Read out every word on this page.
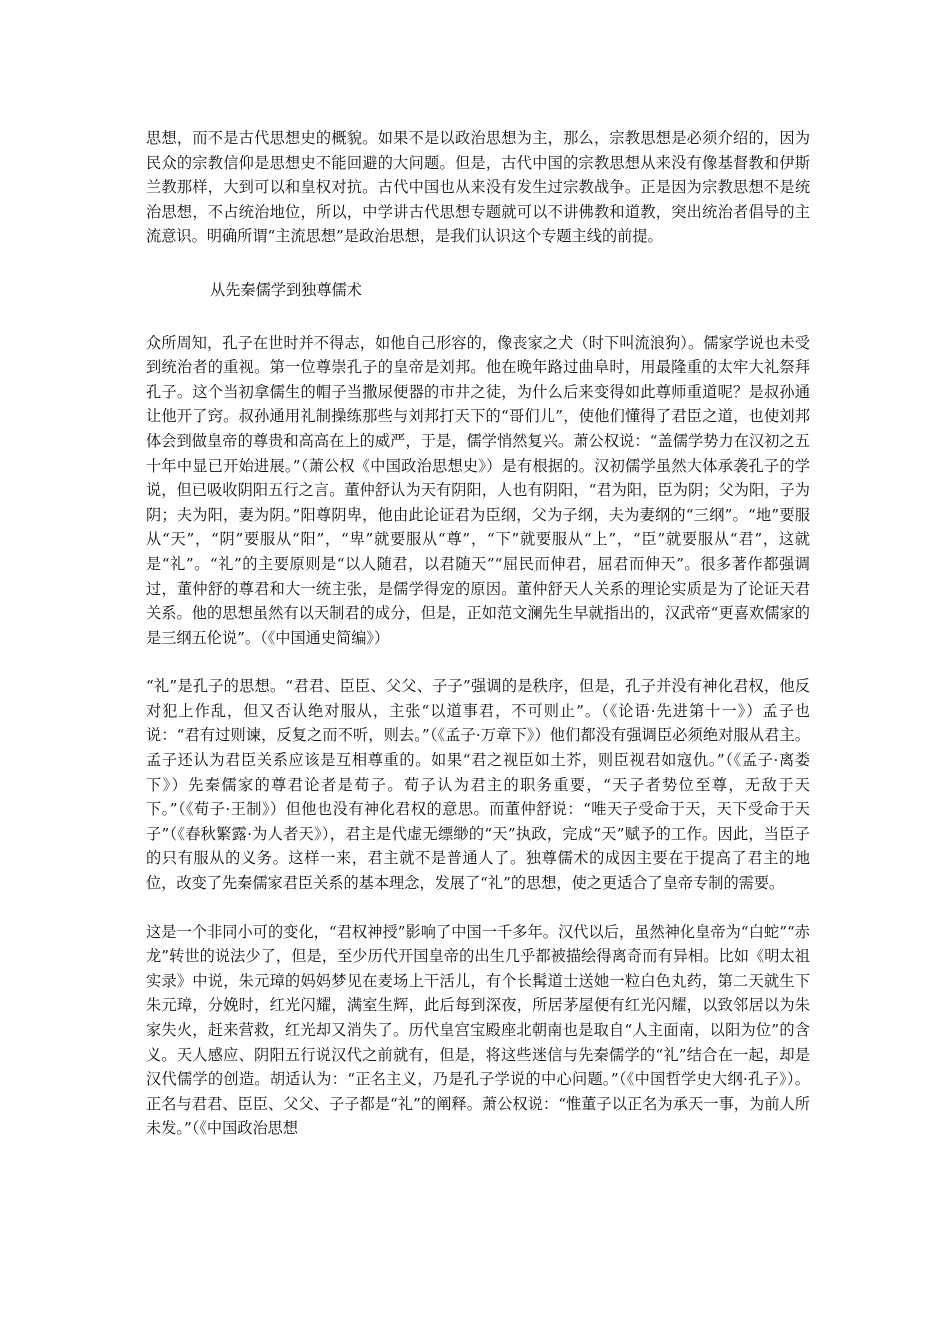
思想，而不是古代思想史的概貌。如果不是以政治思想为主，那么，宗教思想是必须介绍的，因为民众的宗教信仰是思想史不能回避的大问题。但是，古代中国的宗教思想从来没有像基督教和伊斯兰教那样，大到可以和皇权对抗。古代中国也从来没有发生过宗教战争。正是因为宗教思想不是统治思想，不占统治地位，所以，中学讲古代思想专题就可以不讲佛教和道教，突出统治者倡导的主流意识。明确所谓“主流思想”是政治思想，是我们认识这个专题主线的前提。

从先秦儒学到独尊儒术

众所周知，孔子在世时并不得志，如他自己形容的，像丧家之犬（时下叫流浪狗）。儒家学说也未受到统治者的重视。第一位尊崇孔子的皇帝是刘邦。他在晚年路过曲阜时，用最隆重的太牢大礼祭拜孔子。这个当初拿儒生的帽子当撒尿便器的市井之徒，为什么后来变得如此尊师重道呢？是叔孙通让他开了窍。叔孙通用礼制操练那些与刘邦打天下的“哥们儿”，使他们懂得了君臣之道，也使刘邦体会到做皇帝的尊贵和高高在上的威严，于是，儒学悄然复兴。萧公权说：“盖儒学势力在汉初之五十年中显已开始进展。”（萧公权《中国政治思想史》）是有根据的。汉初儒学虽然大体承袭孔子的学说，但已吸收阴阳五行之言。董仲舒认为天有阴阳，人也有阴阳，“君为阳，臣为阴；父为阳，子为阴；夫为阳，妻为阴。”阳尊阴卑，他由此论证君为臣纲，父为子纲，夫为妻纲的“三纲”。“地”要服从“天”，“阴”要服从“阳”，“卑”就要服从“尊”，“下”就要服从“上”，“臣”就要服从“君”，这就是“礼”。“礼”的主要原则是“以人随君，以君随天”“屈民而伸君，屈君而伸天”。很多著作都强调过，董仲舒的尊君和大一统主张，是儒学得宠的原因。董仲舒天人关系的理论实质是为了论证天君关系。他的思想虽然有以天制君的成分，但是，正如范文澜先生早就指出的，汉武帝“更喜欢儒家的是三纲五伦说”。（《中国通史简编》）

“礼”是孔子的思想。“君君、臣臣、父父、子子”强调的是秩序，但是，孔子并没有神化君权，他反对犯上作乱，但又否认绝对服从，主张“以道事君，不可则止”。（《论语·先进第十一》）孟子也说：“君有过则谏，反复之而不听，则去。”（《孟子·万章下》）他们都没有强调臣必须绝对服从君主。孟子还认为君臣关系应该是互相尊重的。如果“君之视臣如土芥，则臣视君如寇仇。”（《孟子·离娄下》）先秦儒家的尊君论者是荀子。荀子认为君主的职务重要，“天子者势位至尊，无敌于天下。”（《荀子·王制》）但他也没有神化君权的意思。而董仲舒说：“唯天子受命于天，天下受命于天子”（《春秋繁露·为人者天》），君主是代虚无缥缈的“天”执政，完成“天”赋予的工作。因此，当臣子的只有服从的义务。这样一来，君主就不是普通人了。独尊儒术的成因主要在于提高了君主的地位，改变了先秦儒家君臣关系的基本理念，发展了“礼”的思想，使之更适合了皇帝专制的需要。

这是一个非同小可的变化，“君权神授”影响了中国一千多年。汉代以后，虽然神化皇帝为“白蛇”“赤龙”转世的说法少了，但是，至少历代开国皇帝的出生几乎都被描绘得离奇而有异相。比如《明太祖实录》中说，朱元璋的妈妈梦见在麦场上干活儿，有个长髯道士送她一粒白色丸药，第二天就生下朱元璋，分娩时，红光闪耀，满室生辉，此后每到深夜，所居茅屋便有红光闪耀，以致邻居以为朱家失火，赶来营救，红光却又消失了。历代皇宫宝殿座北朝南也是取自“人主面南，以阳为位”的含义。天人感应、阴阳五行说汉代之前就有，但是，将这些迷信与先秦儒学的“礼”结合在一起，却是汉代儒学的创造。胡适认为：“正名主义，乃是孔子学说的中心问题。”（《中国哲学史大纲·孔子》）。正名与君君、臣臣、父父、子子都是“礼”的阐释。萧公权说：“惟董子以正名为承天一事，为前人所未发。”（《中国政治思想
